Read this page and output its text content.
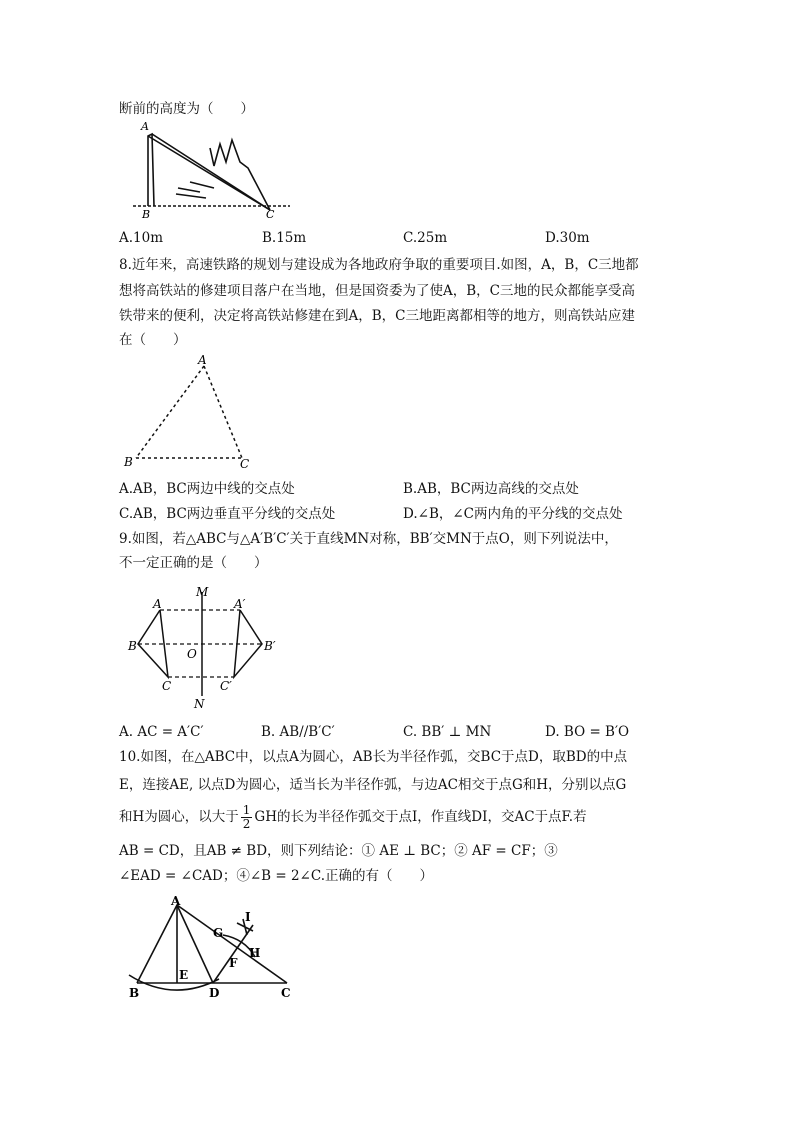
断前的高度为（　　）
A
B	C
A.10m	B.15m	C.25m	D.30m
8.近年来，高速铁路的规划与建设成为各地政府争取的重要项目.如图，A，B，C三地都
想将高铁站的修建项目落户在当地，但是国资委为了使A，B，C三地的民众都能享受高
铁带来的便利，决定将高铁站修建在到A，B，C三地距离都相等的地方，则高铁站应建
在（　　）
A
B	C
A.AB，BC两边中线的交点处	B.AB，BC两边高线的交点处
C.AB，BC两边垂直平分线的交点处	D.∠B，∠C两内角的平分线的交点处
9.如图，若△ABC与△A′B′C′关于直线MN对称，BB′交MN于点O，则下列说法中，
不一定正确的是（　　）
A
B
C
A′
B′
C′
M
N
O
A. AC = A′C′	B. AB//B′C′	C. BB′ ⊥ MN	D. BO = B′O
10.如图，在△ABC中，以点A为圆心，AB长为半径作弧，交BC于点D，取BD的中点
E，连接AE, 以点D为圆心，适当长为半径作弧，与边AC相交于点G和H，分别以点G
和H为圆心，以大于 $\frac{1}{2}$ GH的长为半径作弧交于点I，作直线DI，交AC于点F.若
AB = CD，且AB ≠ BD，则下列结论：① AE ⊥ BC；② AF = CF；③
∠EAD = ∠CAD；④∠B = 2∠C.正确的有（　　）
A
B	C
D
E
F
G
H
I
